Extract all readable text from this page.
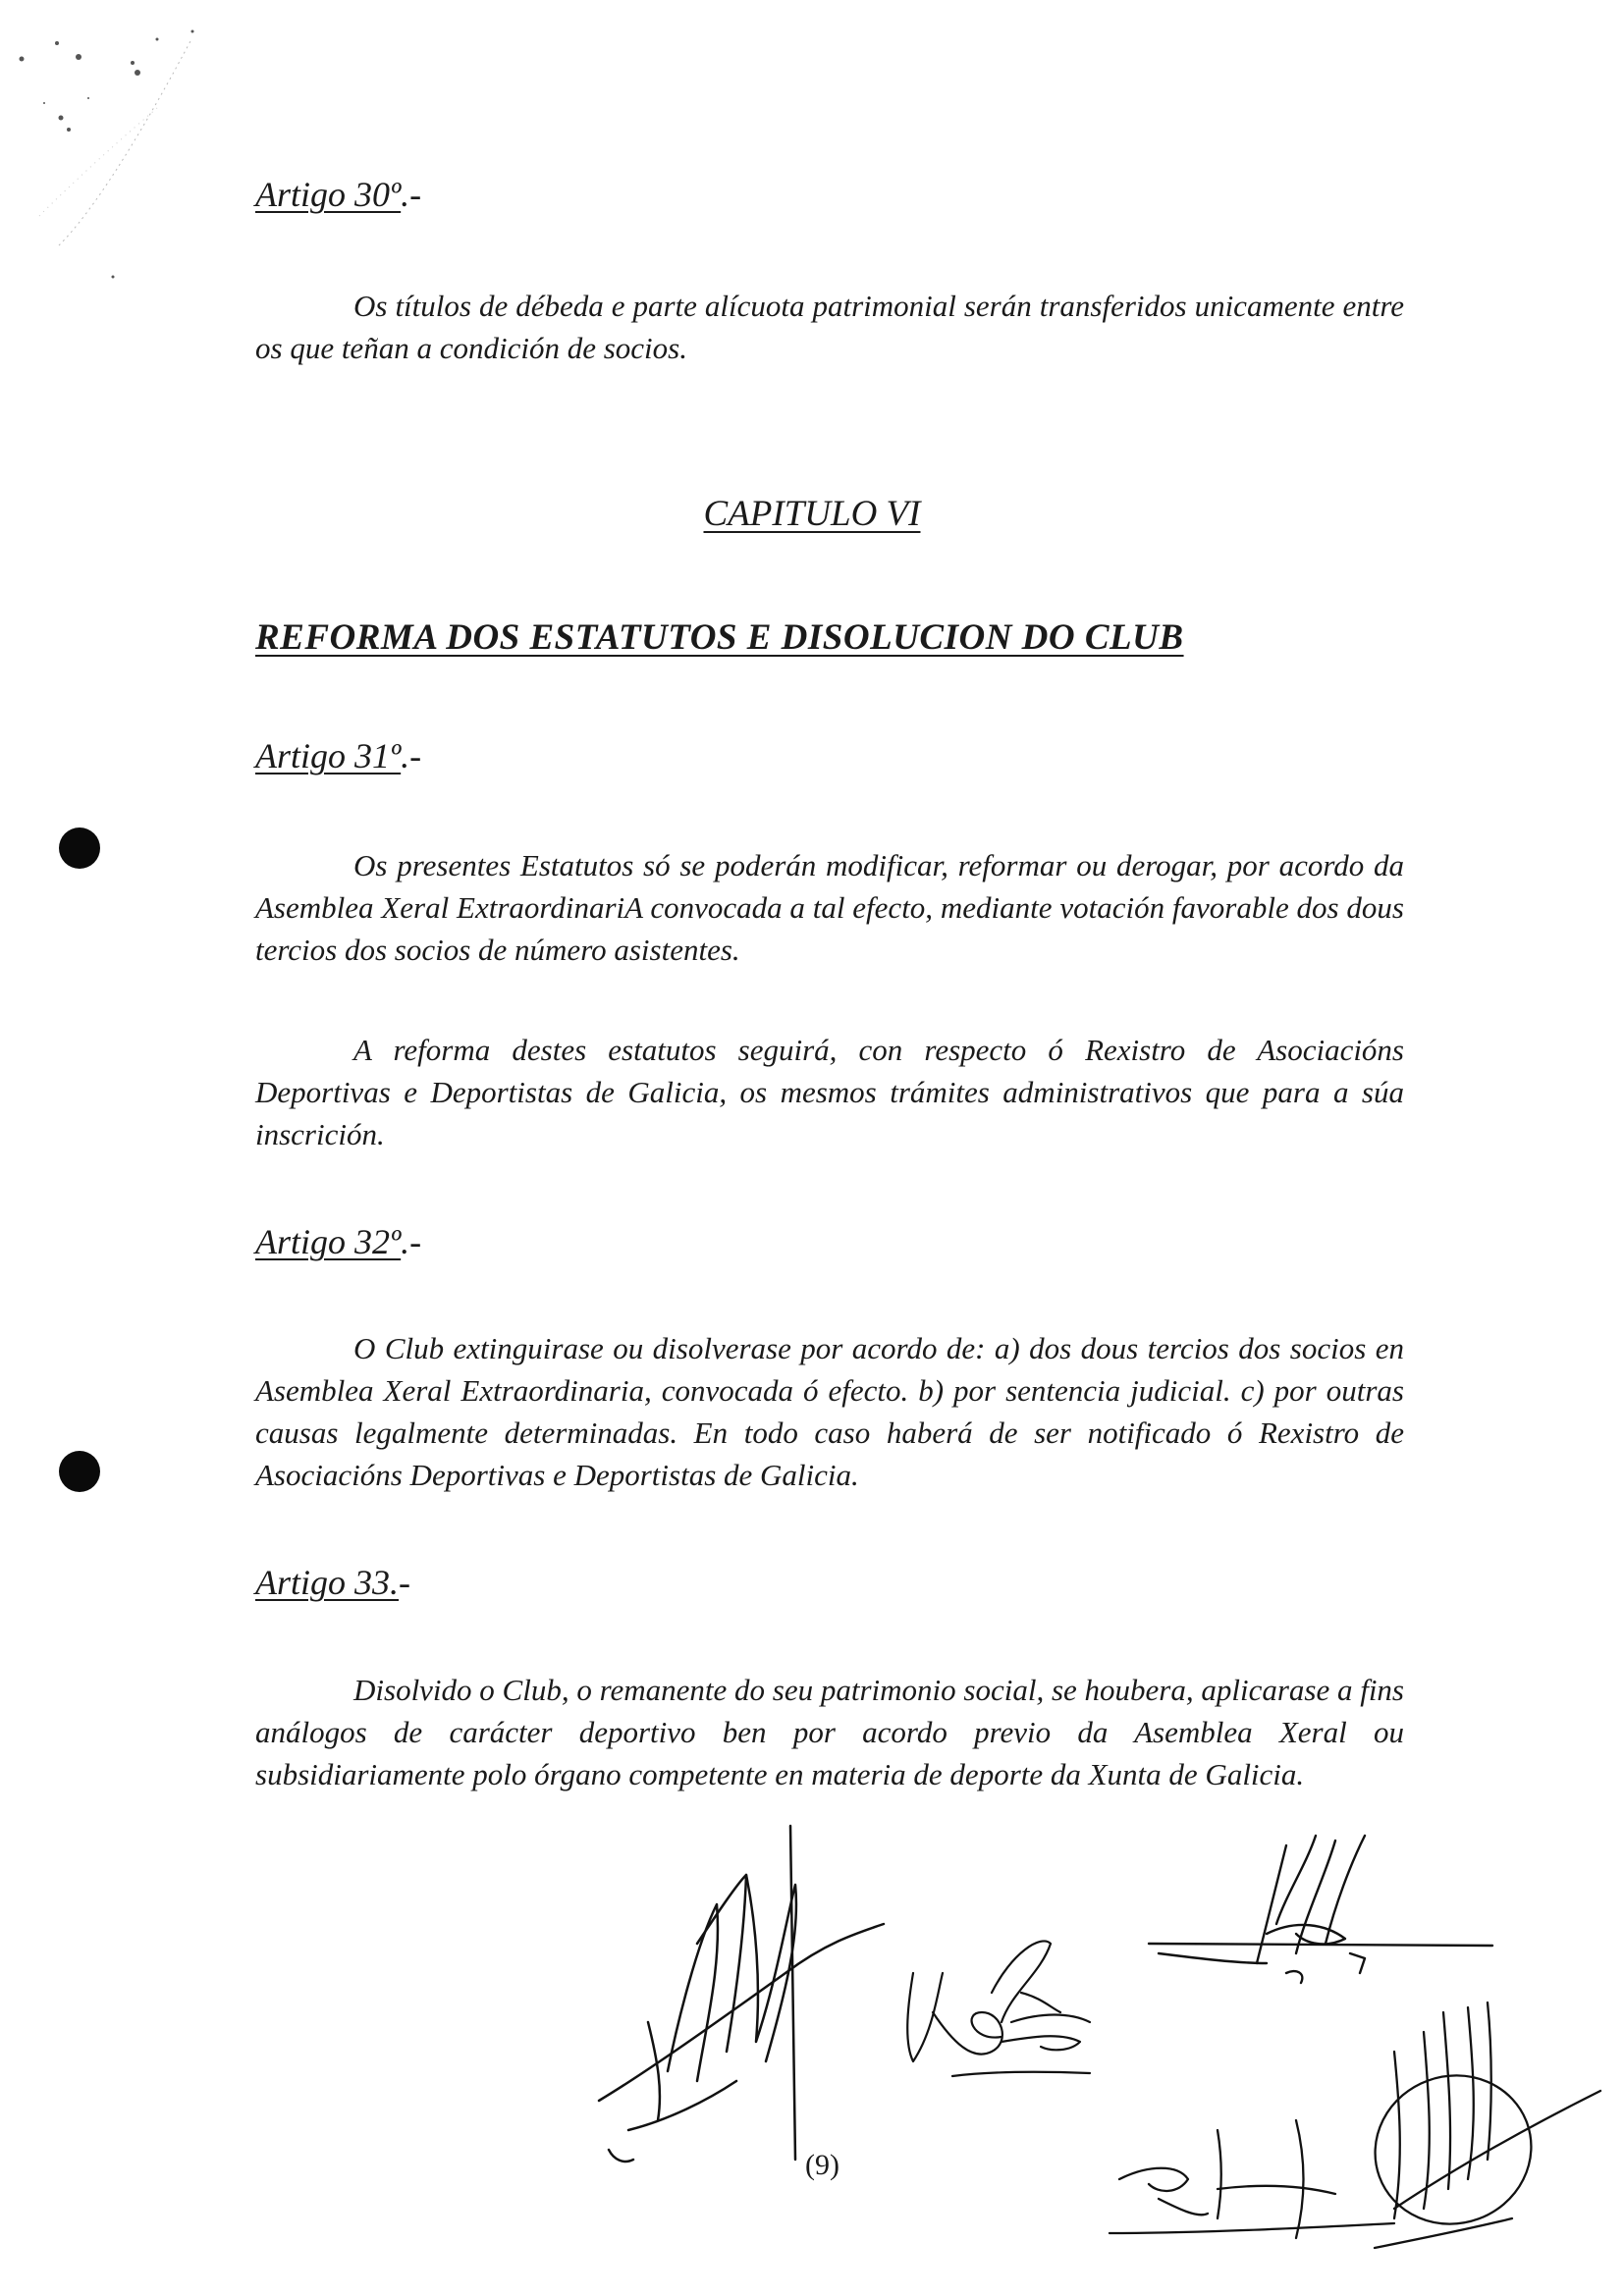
Artigo 30º.-
Os títulos de débeda e parte alícuota patrimonial serán transferidos unicamente entre os que teñan a condición de socios.
CAPITULO VI
REFORMA DOS ESTATUTOS E DISOLUCION DO CLUB
Artigo 31º.-
Os presentes Estatutos só se poderán modificar, reformar ou derogar, por acordo da Asemblea Xeral ExtraordinariA convocada a tal efecto, mediante votación favorable dos dous tercios dos socios de número asistentes.
A reforma destes estatutos seguirá, con respecto ó Rexistro de Asociacións Deportivas e Deportistas de Galicia, os mesmos trámites administrativos que para a súa inscrición.
Artigo 32º.-
O Club extinguirase ou disolverase por acordo de: a) dos dous tercios dos socios en Asemblea Xeral Extraordinaria, convocada ó efecto. b) por sentencia judicial. c) por outras causas legalmente determinadas. En todo caso haberá de ser notificado ó Rexistro de Asociacións Deportivas e Deportistas de Galicia.
Artigo 33.-
Disolvido o Club, o remanente do seu patrimonio social, se houbera, aplicarase a fins análogos de carácter deportivo ben por acordo previo da Asemblea Xeral ou subsidiariamente polo órgano competente en materia de deporte da Xunta de Galicia.
(9)
